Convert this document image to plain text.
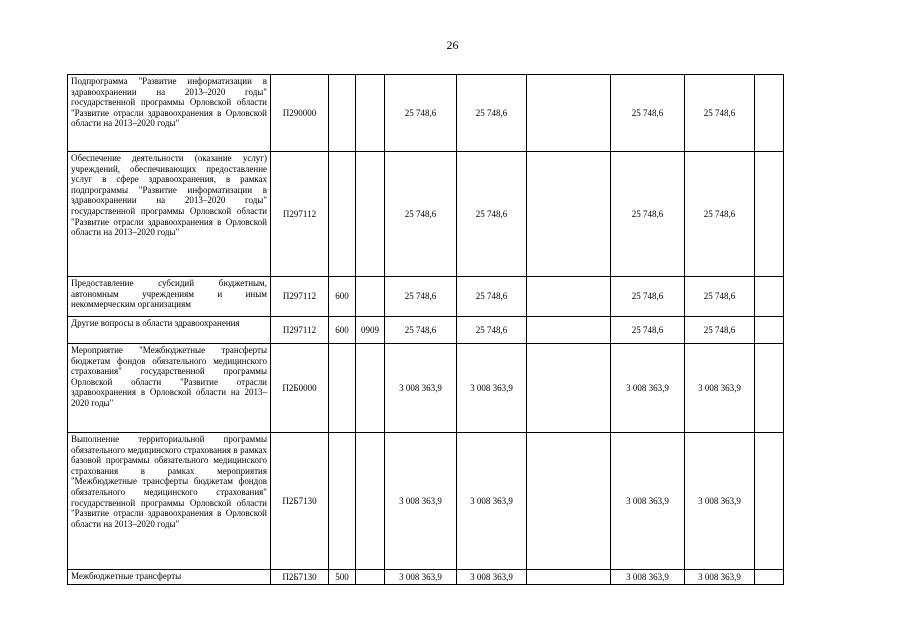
26
Подпрограмма "Развитие информатизации в здравоохранении на 2013–2020 годы" государственной программы Орловской области "Развитие отрасли здравоохранения в Орловской области на 2013–2020 годы"	П290000			25 748,6	25 748,6		25 748,6	25 748,6	
Обеспечение деятельности (оказание услуг) учреждений, обеспечивающих предоставление услуг в сфере здравоохранения, в рамках подпрограммы "Развитие информатизации в здравоохранении на 2013–2020 годы" государственной программы Орловской области "Развитие отрасли здравоохранения в Орловской области на 2013–2020 годы"	П297112			25 748,6	25 748,6		25 748,6	25 748,6	
Предоставление субсидий бюджетным, автономным учреждениям и иным некоммерческим организациям	П297112	600		25 748,6	25 748,6		25 748,6	25 748,6	
Другие вопросы в области здравоохранения	П297112	600	0909	25 748,6	25 748,6		25 748,6	25 748,6	
Мероприятие "Межбюджетные трансферты бюджетам фондов обязательного медицинского страхования" государственной программы Орловской области "Развитие отрасли здравоохранения в Орловской области на 2013–2020 годы"	П2Б0000			3 008 363,9	3 008 363,9		3 008 363,9	3 008 363,9	
Выполнение территориальной программы обязательного медицинского страхования в рамках базовой программы обязательного медицинского страхования в рамках мероприятия "Межбюджетные трансферты бюджетам фондов обязательного медицинского страхования" государственной программы Орловской области "Развитие отрасли здравоохранения в Орловской области на 2013–2020 годы"	П2Б7130			3 008 363,9	3 008 363,9		3 008 363,9	3 008 363,9	
Межбюджетные трансферты	П2Б7130	500		3 008 363,9	3 008 363,9		3 008 363,9	3 008 363,9	
